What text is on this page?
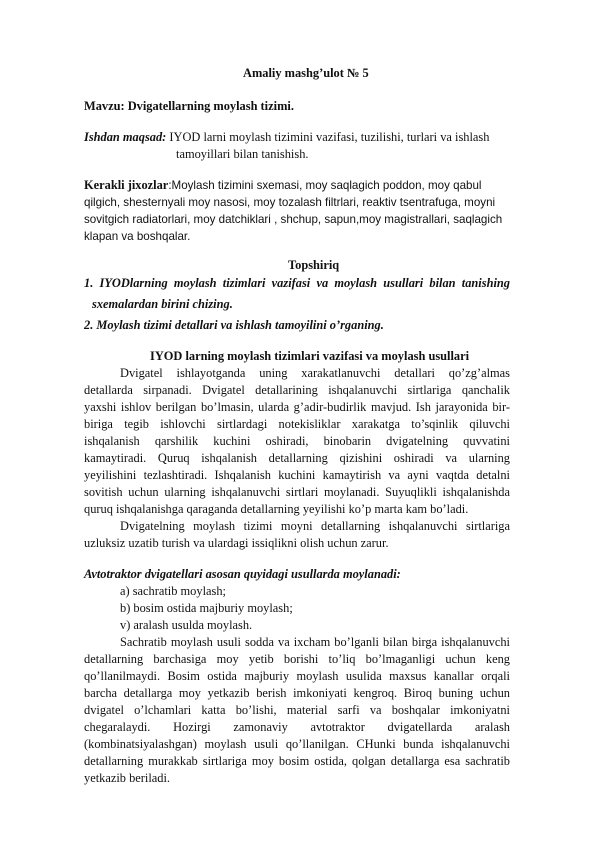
Amaliy mashg’ulot № 5
Mavzu: Dvigatellarning moylash tizimi.
Ishdan maqsad: IYOD larni moylash tizimini vazifasi, tuzilishi, turlari va ishlash
tamoyillari bilan tanishish.
Kerakli jixozlar:Moylash tizimini sxemasi, moy saqlagich poddon, moy qabul
qilgich, shesternyali moy nasosi, moy tozalash filtrlari, reaktiv tsentrafuga, moyni
sovitgich radiatorlari, moy datchiklari , shchup, sapun,moy magistrallari, saqlagich
klapan va boshqalar.
Topshiriq
1. IYODlarning moylash tizimlari vazifasi va moylash usullari bilan tanishing
sxemalardan birini chizing.
2. Moylash tizimi detallari va ishlash tamoyilini o’rganing.
IYOD larning moylash tizimlari vazifasi va moylash usullari
Dvigatel ishlayotganda uning xarakatlanuvchi detallari qo’zg’almas
detallarda sirpanadi. Dvigatel detallarining ishqalanuvchi sirtlariga qanchalik
yaxshi ishlov berilgan bo’lmasin, ularda g’adir-budirlik mavjud. Ish jarayonida bir-
biriga tegib ishlovchi sirtlardagi notekisliklar xarakatga to’sqinlik qiluvchi
ishqalanish qarshilik kuchini oshiradi, binobarin dvigatelning quvvatini
kamaytiradi. Quruq ishqalanish detallarning qizishini oshiradi va ularning
yeyilishini tezlashtiradi. Ishqalanish kuchini kamaytirish va ayni vaqtda detalni
sovitish uchun ularning ishqalanuvchi sirtlari moylanadi. Suyuqlikli ishqalanishda
quruq ishqalanishga qaraganda detallarning yeyilishi ko’p marta kam bo’ladi.
Dvigatelning moylash tizimi moyni detallarning ishqalanuvchi sirtlariga
uzluksiz uzatib turish va ulardagi issiqlikni olish uchun zarur.
Avtotraktor dvigatellari asosan quyidagi usullarda moylanadi:
a) sachratib moylash;
b) bosim ostida majburiy moylash;
v) aralash usulda moylash.
Sachratib moylash usuli sodda va ixcham bo’lganli bilan birga ishqalanuvchi
detallarning barchasiga moy yetib borishi to’liq bo’lmaganligi uchun keng
qo’llanilmaydi. Bosim ostida majburiy moylash usulida maxsus kanallar orqali
barcha detallarga moy yetkazib berish imkoniyati kengroq. Biroq buning uchun
dvigatel o’lchamlari katta bo’lishi, material sarfi va boshqalar imkoniyatni
chegaralaydi. Hozirgi zamonaviy avtotraktor dvigatellarda aralash
(kombinatsiyalashgan) moylash usuli qo’llanilgan. CHunki bunda ishqalanuvchi
detallarning murakkab sirtlariga moy bosim ostida, qolgan detallarga esa sachratib
yetkazib beriladi.
